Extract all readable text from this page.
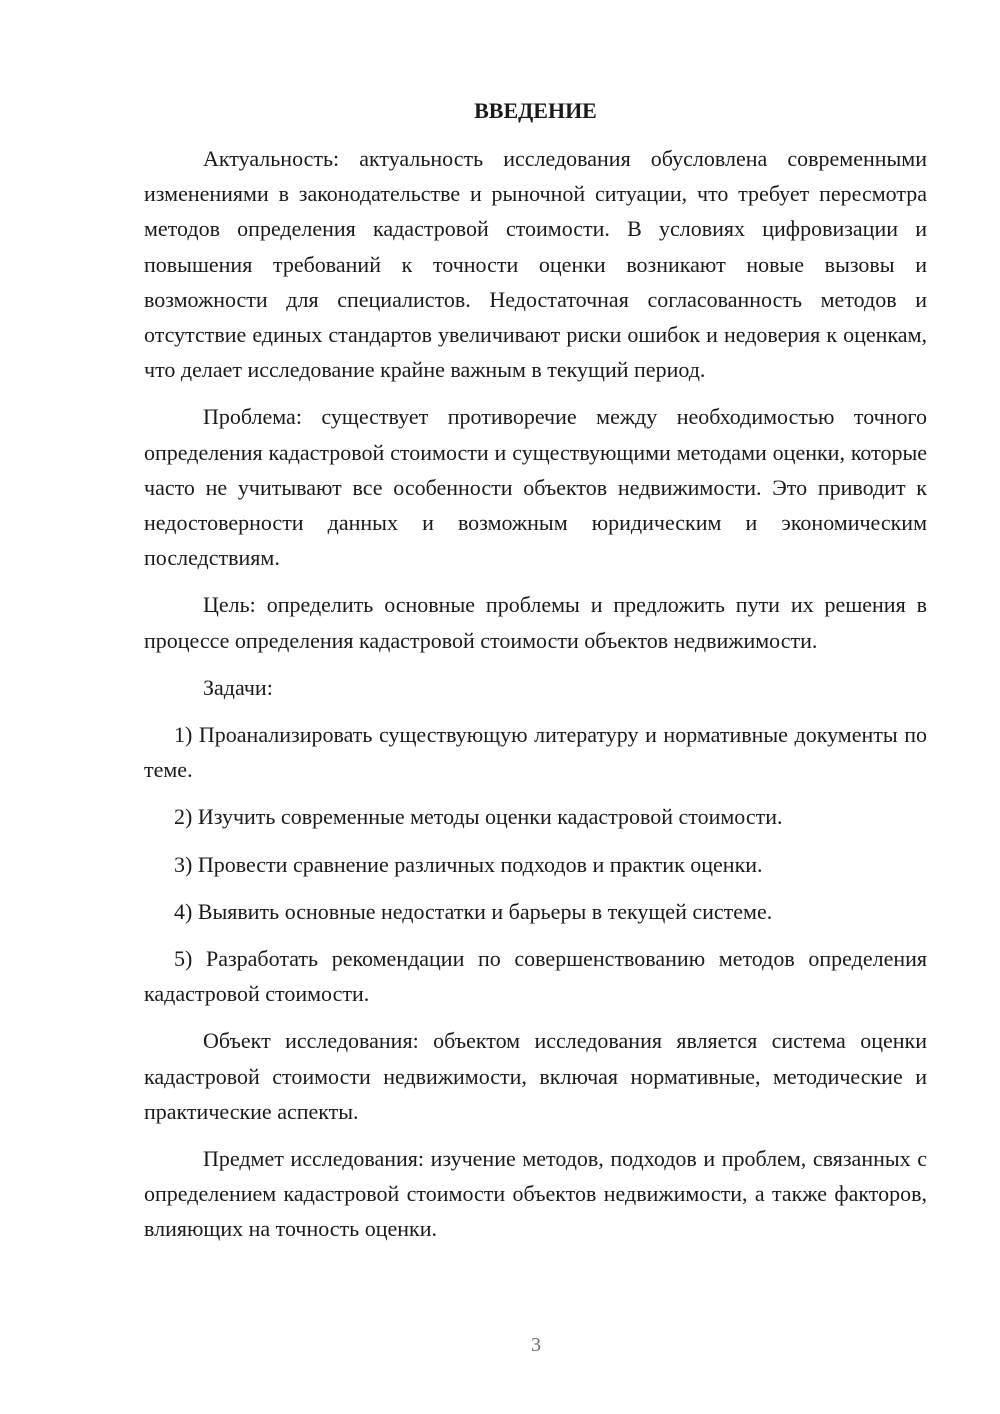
ВВЕДЕНИЕ

Актуальность: актуальность исследования обусловлена современными изменениями в законодательстве и рыночной ситуации, что требует пересмотра методов определения кадастровой стоимости. В условиях цифровизации и повышения требований к точности оценки возникают новые вызовы и возможности для специалистов. Недостаточная согласованность методов и отсутствие единых стандартов увеличивают риски ошибок и недоверия к оценкам, что делает исследование крайне важным в текущий период.

Проблема: существует противоречие между необходимостью точного определения кадастровой стоимости и существующими методами оценки, которые часто не учитывают все особенности объектов недвижимости. Это приводит к недостоверности данных и возможным юридическим и экономическим последствиям.

Цель: определить основные проблемы и предложить пути их решения в процессе определения кадастровой стоимости объектов недвижимости.

Задачи:

1) Проанализировать существующую литературу и нормативные документы по теме.

2) Изучить современные методы оценки кадастровой стоимости.

3) Провести сравнение различных подходов и практик оценки.

4) Выявить основные недостатки и барьеры в текущей системе.

5) Разработать рекомендации по совершенствованию методов определения кадастровой стоимости.

Объект исследования: объектом исследования является система оценки кадастровой стоимости недвижимости, включая нормативные, методические и практические аспекты.

Предмет исследования: изучение методов, подходов и проблем, связанных с определением кадастровой стоимости объектов недвижимости, а также факторов, влияющих на точность оценки.

3
